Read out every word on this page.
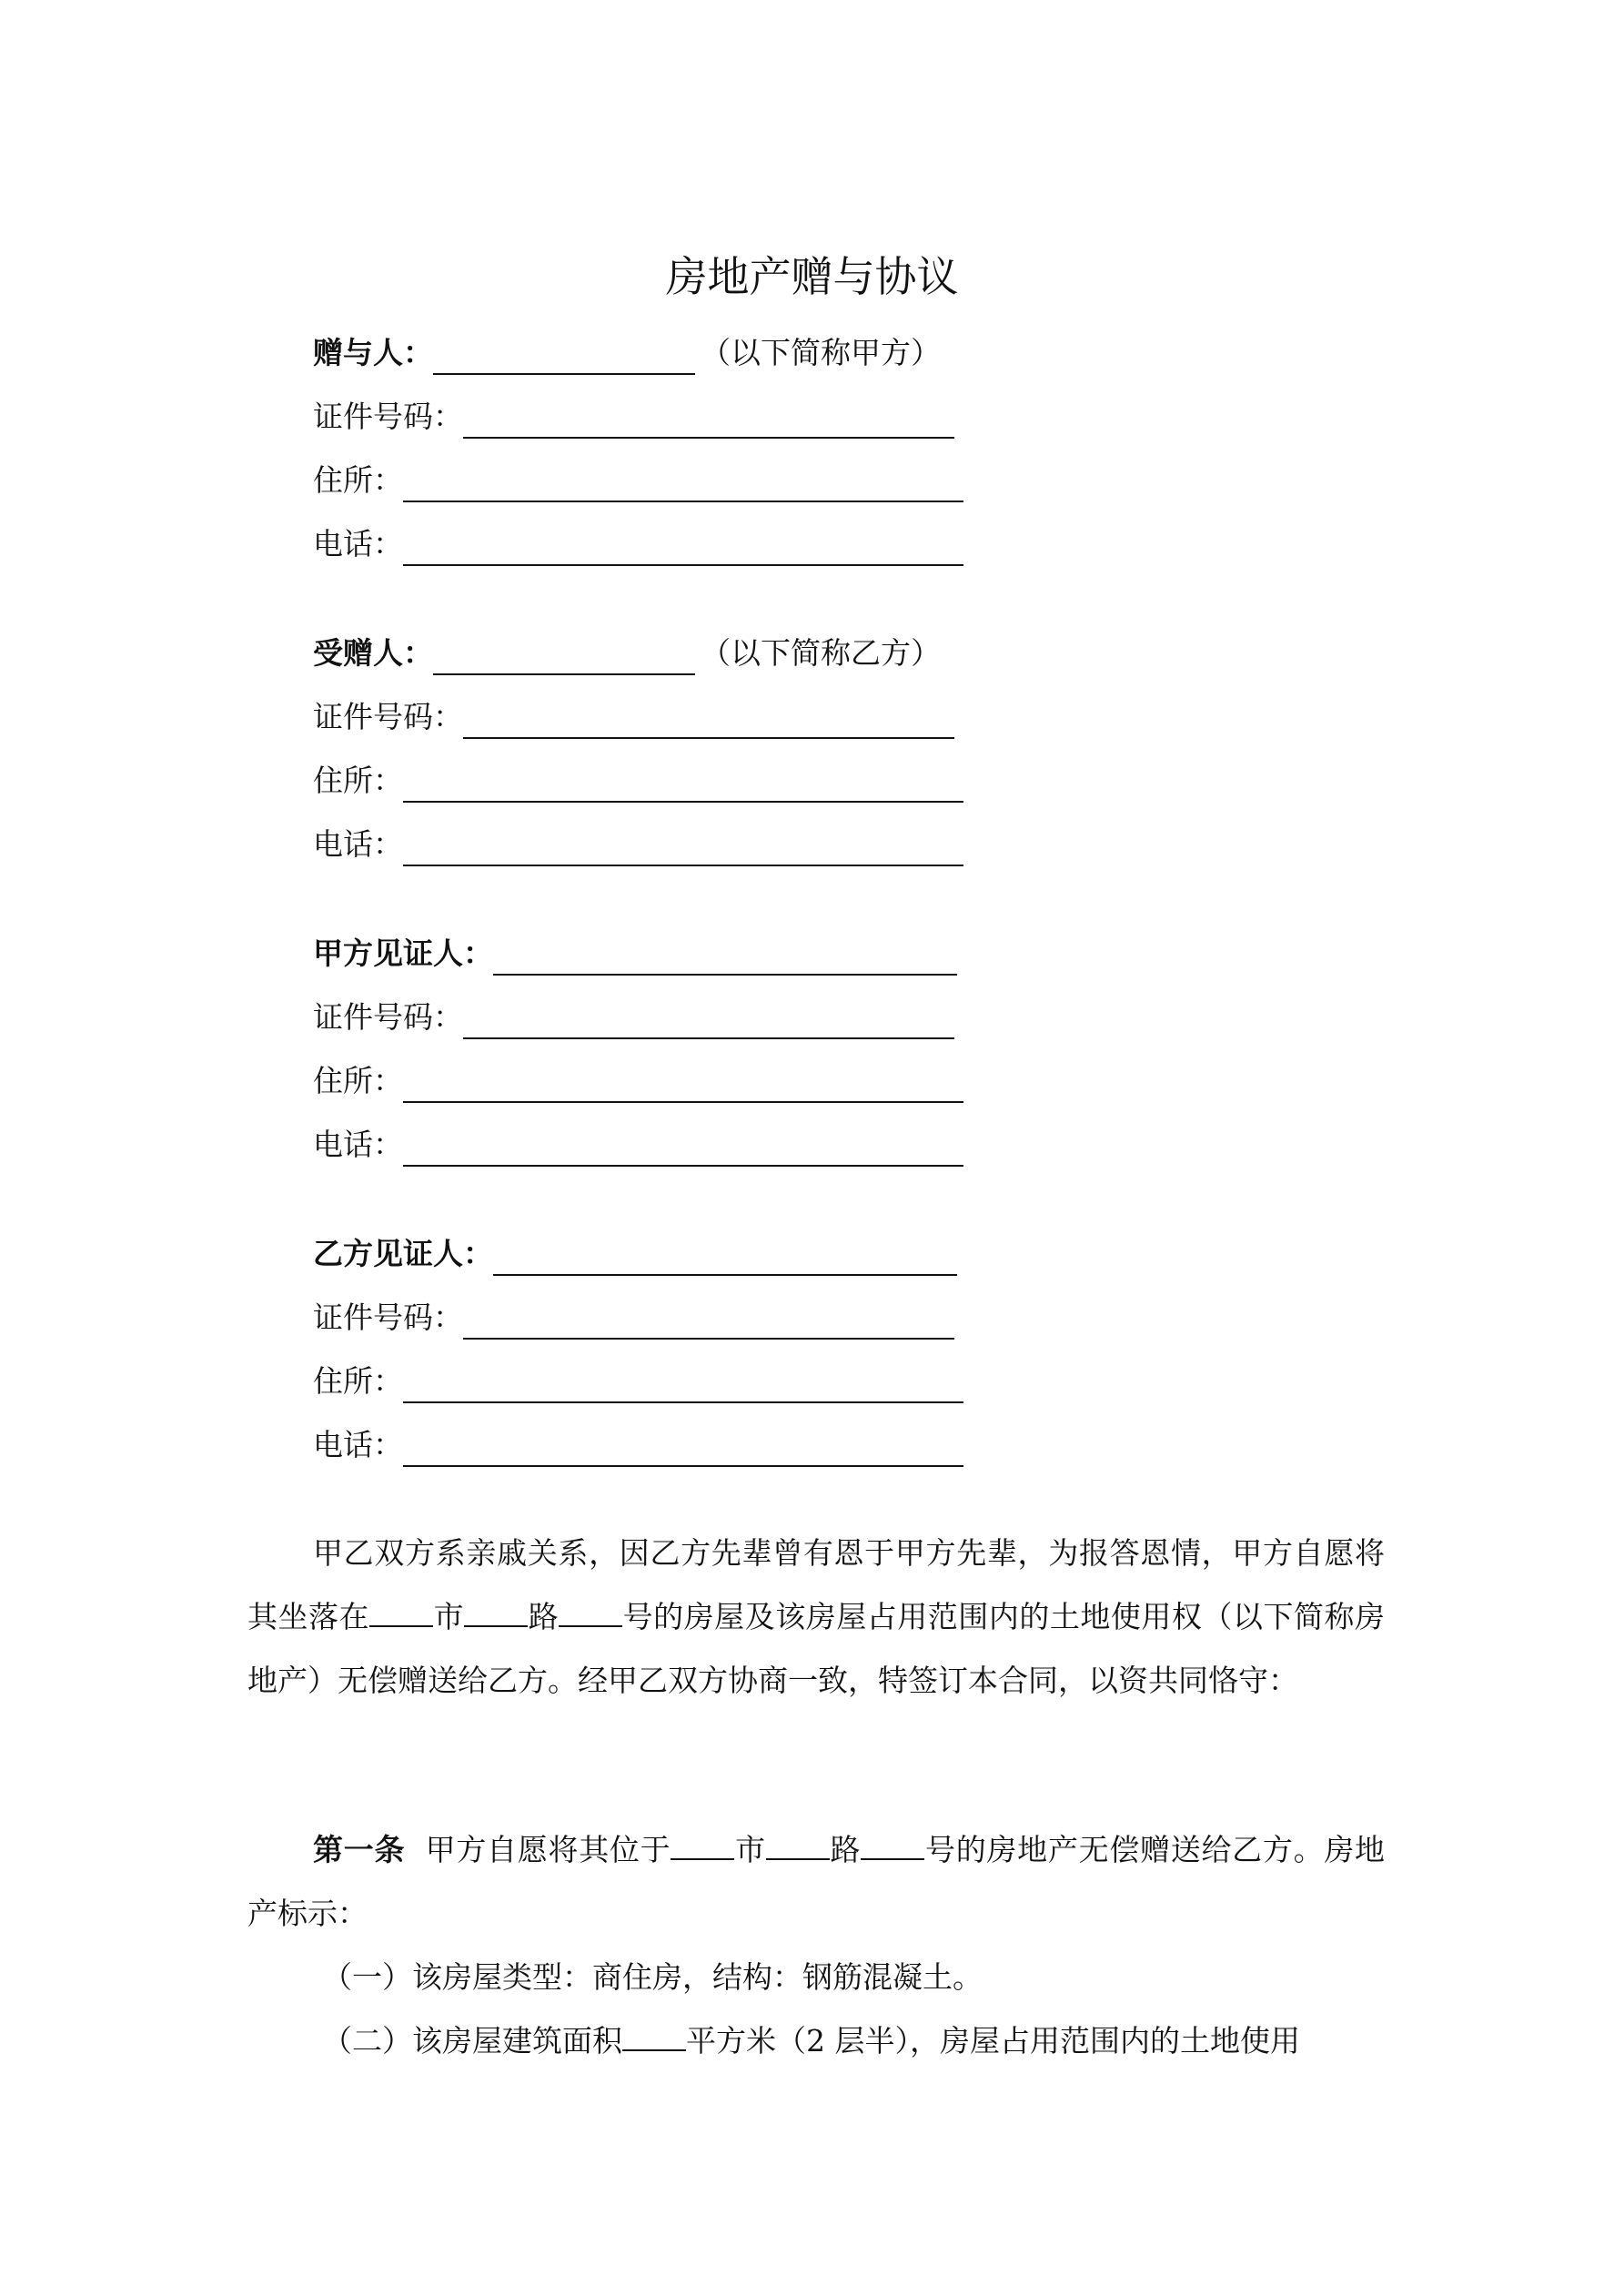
房地产赠与协议
赠与人：	（以下简称甲方）
证件号码：
住所：
电话：
受赠人：	（以下简称乙方）
证件号码：
住所：
电话：
甲方见证人：
证件号码：
住所：
电话：
乙方见证人：
证件号码：
住所：
电话：

甲乙双方系亲戚关系，因乙方先辈曾有恩于甲方先辈，为报答恩情，甲方自愿将其坐落在 市 路 号的房屋及该房屋占用范围内的土地使用权（以下简称房地产）无偿赠送给乙方。经甲乙双方协商一致，特签订本合同，以资共同恪守：

第一条 甲方自愿将其位于 市 路 号的房地产无偿赠送给乙方。房地产标示：

（一）该房屋类型：商住房，结构：钢筋混凝土。

（二）该房屋建筑面积 平方米（2 层半），房屋占用范围内的土地使用
